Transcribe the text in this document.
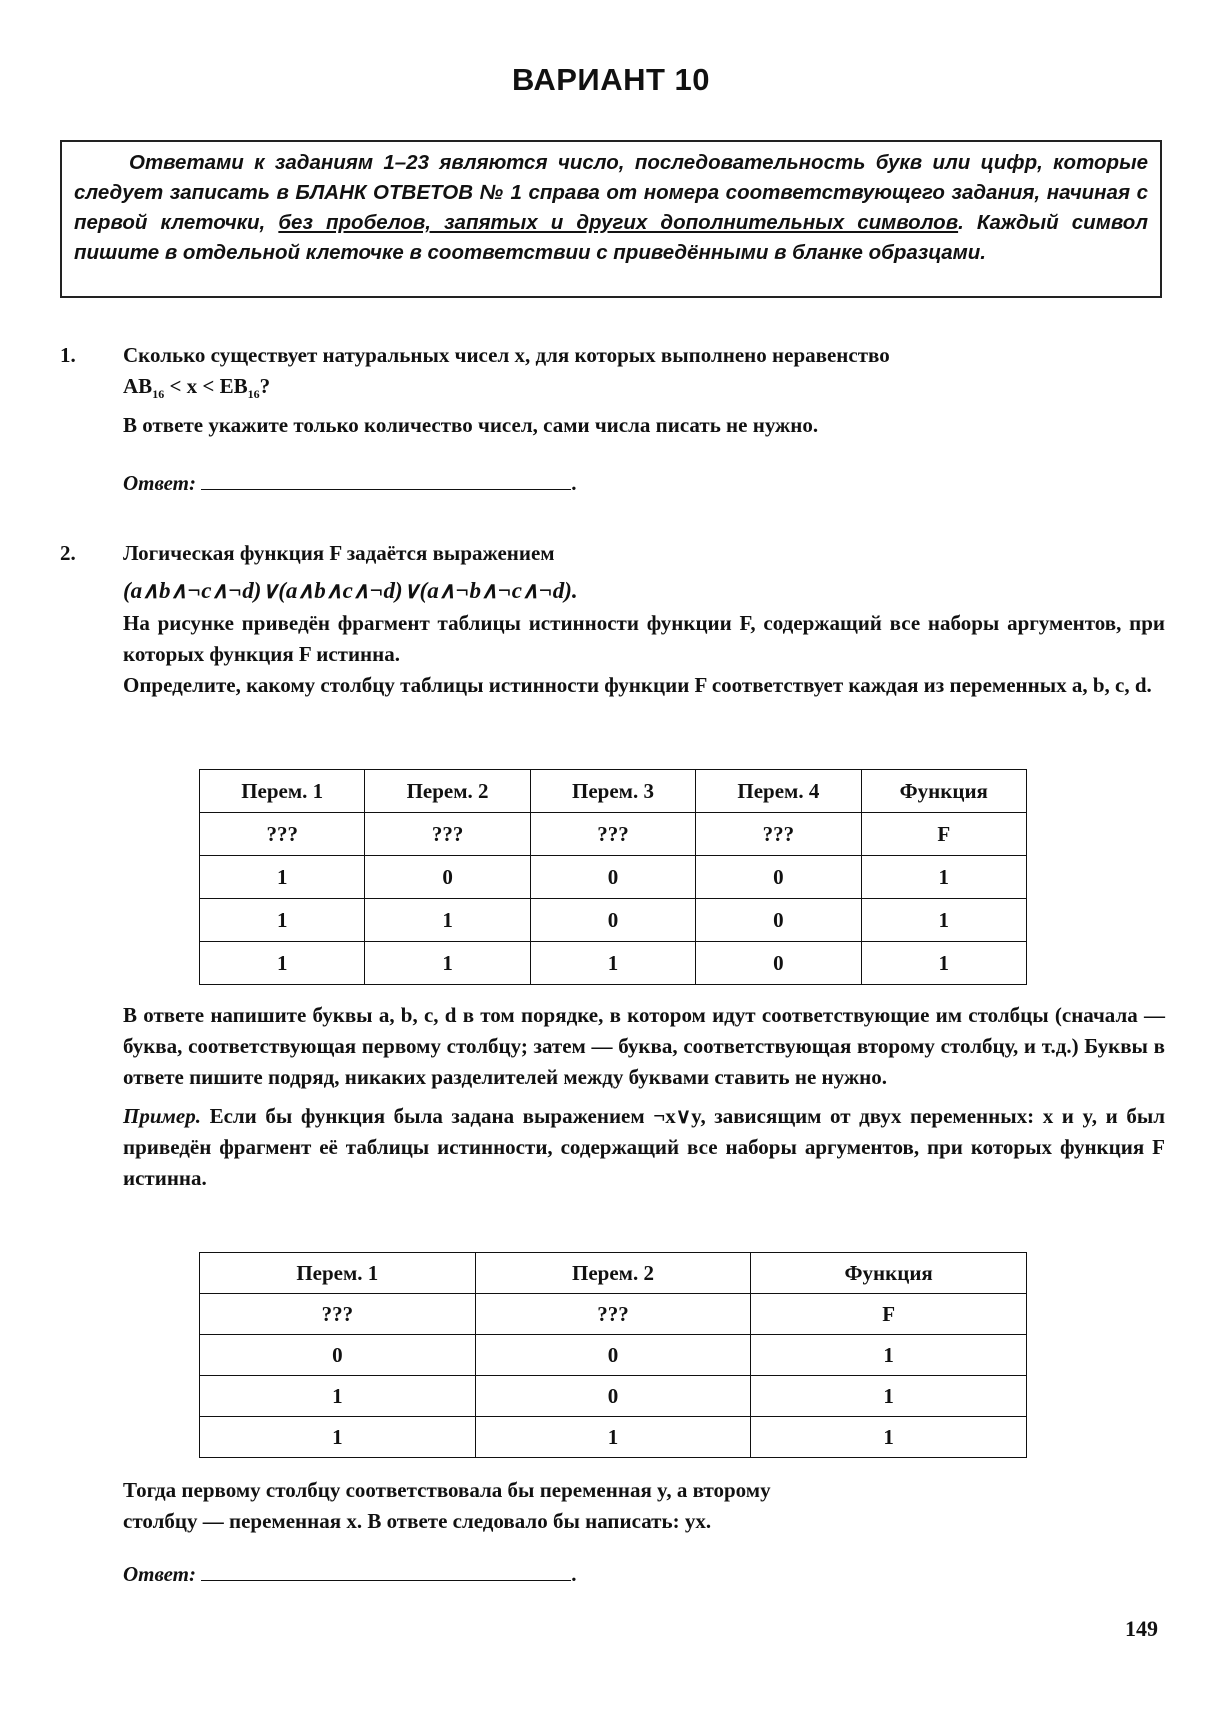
ВАРИАНТ 10
Ответами к заданиям 1–23 являются число, последовательность букв или цифр, которые следует записать в БЛАНК ОТВЕТОВ № 1 справа от номера соответствующего задания, начиная с первой клеточки, без пробелов, запятых и других дополнительных символов. Каждый символ пишите в отдельной клеточке в соответствии с приведёнными в бланке образцами.
1. Сколько существует натуральных чисел x, для которых выполнено неравенство

$AB_{16} < x < EB_{16}$?

В ответе укажите только количество чисел, сами числа писать не нужно.

Ответ:	.

2. Логическая функция F задаётся выражением

(a∧b∧¬c∧¬d)∨(a∧b∧c∧¬d)∨(a∧¬b∧¬c∧¬d).

На рисунке приведён фрагмент таблицы истинности функции F, содержащий все наборы аргументов, при которых функция F истинна.

Определите, какому столбцу таблицы истинности функции F соответствует каждая из переменных a, b, c, d.

Перем. 1	Перем. 2	Перем. 3	Перем. 4	Функция
???	???	???	???	F
1	0	0	0	1
1	1	0	0	1
1	1	1	0	1

В ответе напишите буквы a, b, c, d в том порядке, в котором идут соответствующие им столбцы (сначала — буква, соответствующая первому столбцу; затем — буква, соответствующая второму столбцу, и т.д.) Буквы в ответе пишите подряд, никаких разделителей между буквами ставить не нужно.

Пример. Если бы функция была задана выражением ¬x∨y, зависящим от двух переменных: x и y, и был приведён фрагмент её таблицы истинности, содержащий все наборы аргументов, при которых функция F истинна.

Перем. 1	Перем. 2	Функция
???	???	F
0	0	1
1	0	1
1	1	1

Тогда первому столбцу соответствовала бы переменная y, а второму столбцу — переменная x. В ответе следовало бы написать: yx.

Ответ:	.

149
